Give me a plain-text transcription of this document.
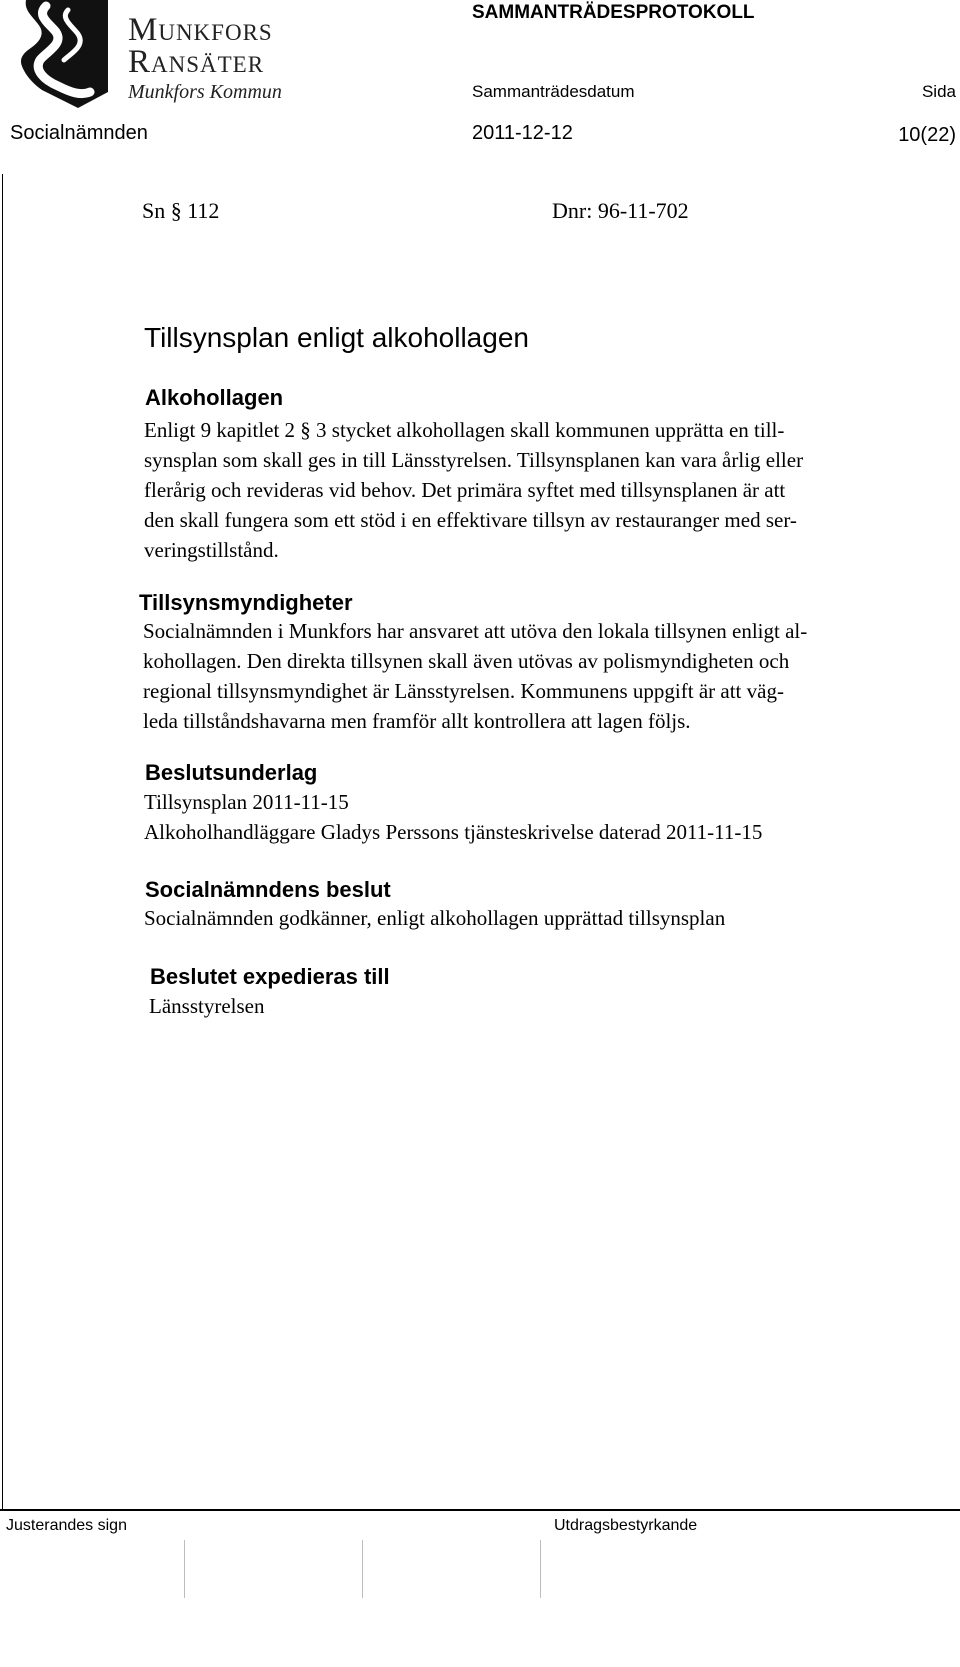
Munkfors
Ransäter
Munkfors Kommun
SAMMANTRÄDESPROTOKOLL
Sammanträdesdatum	Sida
Socialnämnden	2011-12-12	10(22)
Sn § 112	Dnr: 96-11-702
Tillsynsplan enligt alkohollagen
Alkohollagen
Enligt 9 kapitlet 2 § 3 stycket alkohollagen skall kommunen upprätta en till-
synsplan som skall ges in till Länsstyrelsen. Tillsynsplanen kan vara årlig eller
flerårig och revideras vid behov. Det primära syftet med tillsynsplanen är att
den skall fungera som ett stöd i en effektivare tillsyn av restauranger med ser-
veringstillstånd.
Tillsynsmyndigheter
Socialnämnden i Munkfors har ansvaret att utöva den lokala tillsynen enligt al-
kohollagen. Den direkta tillsynen skall även utövas av polismyndigheten och
regional tillsynsmyndighet är Länsstyrelsen. Kommunens uppgift är att väg-
leda tillståndshavarna men framför allt kontrollera att lagen följs.
Beslutsunderlag
Tillsynsplan 2011-11-15
Alkoholhandläggare Gladys Perssons tjänsteskrivelse daterad 2011-11-15
Socialnämndens beslut
Socialnämnden godkänner, enligt alkohollagen upprättad tillsynsplan
Beslutet expedieras till
Länsstyrelsen
Justerandes sign	Utdragsbestyrkande
